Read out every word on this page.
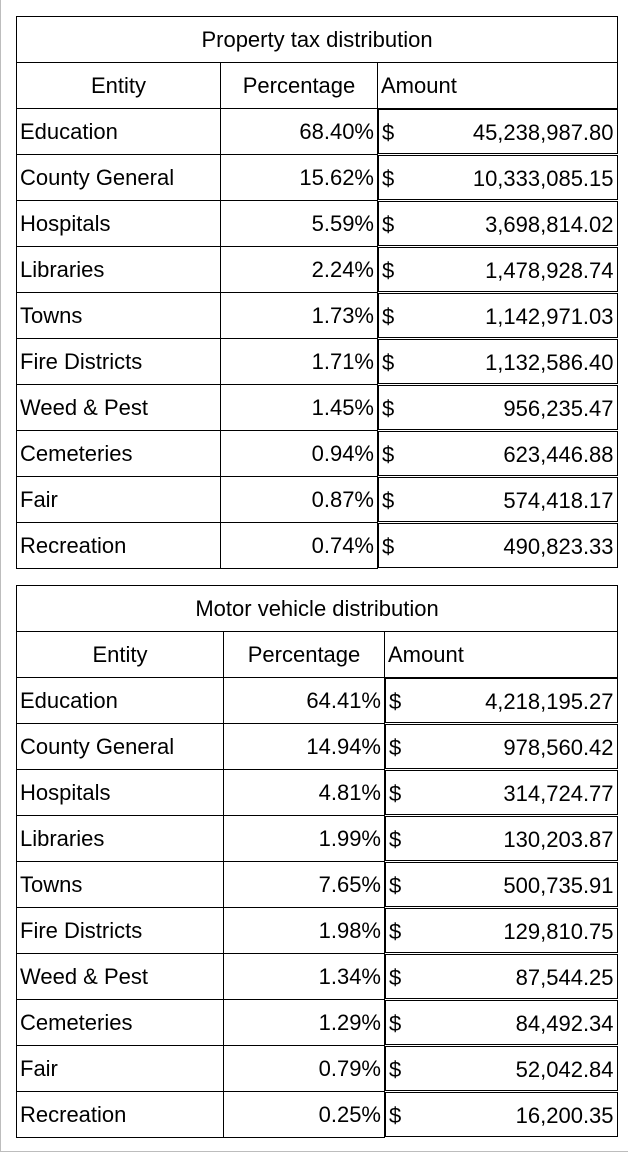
Property tax distribution		
Entity	Percentage	Amount
Education	68.40%	$	45,238,987.80

County General	15.62%	$	10,333,085.15

Hospitals	5.59%	$	3,698,814.02

Libraries	2.24%	$	1,478,928.74

Towns	1.73%	$	1,142,971.03

Fire Districts	1.71%	$	1,132,586.40

Weed & Pest	1.45%	$	956,235.47

Cemeteries	0.94%	$	623,446.88

Fair	0.87%	$	574,418.17

Recreation	0.74%	$	490,823.33
Motor vehicle distribution		
Entity	Percentage	Amount
Education	64.41%	$	4,218,195.27

County General	14.94%	$	978,560.42

Hospitals	4.81%	$	314,724.77

Libraries	1.99%	$	130,203.87

Towns	7.65%	$	500,735.91

Fire Districts	1.98%	$	129,810.75

Weed & Pest	1.34%	$	87,544.25

Cemeteries	1.29%	$	84,492.34

Fair	0.79%	$	52,042.84

Recreation	0.25%	$	16,200.35
